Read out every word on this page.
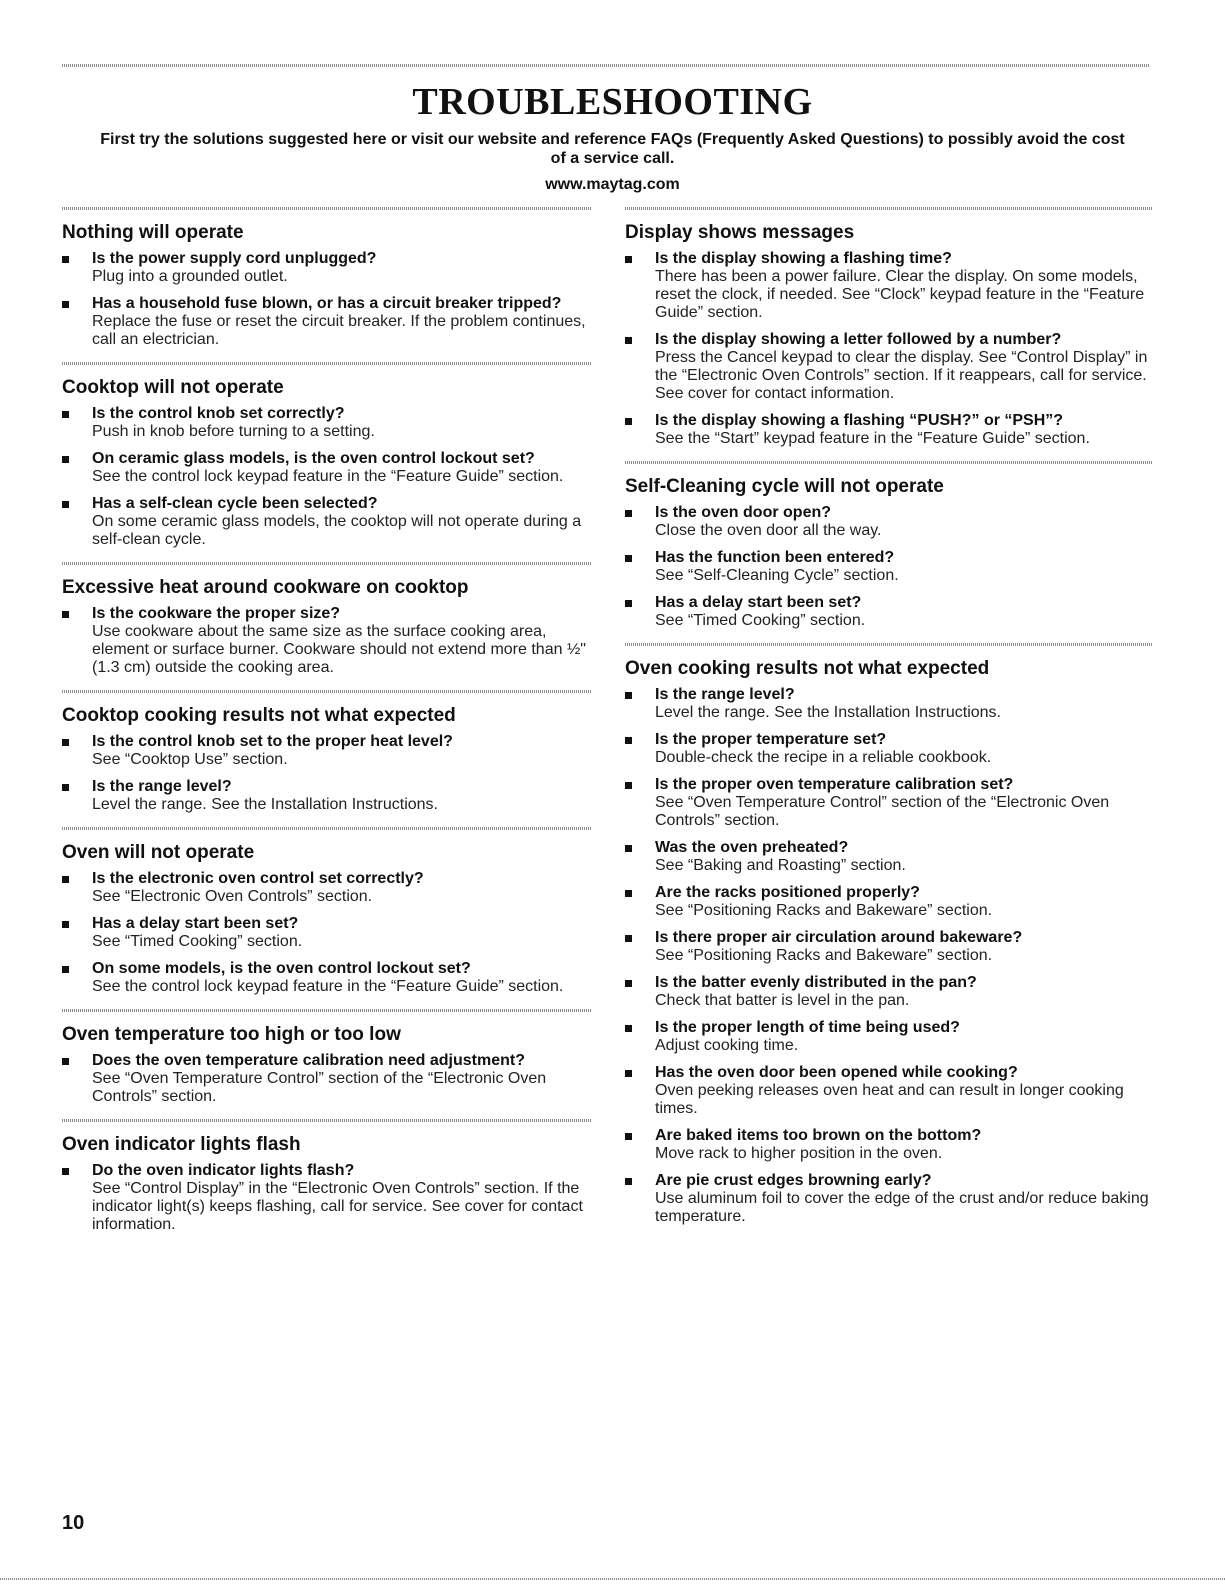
TROUBLESHOOTING
First try the solutions suggested here or visit our website and reference FAQs (Frequently Asked Questions) to possibly avoid the cost of a service call.
www.maytag.com
Nothing will operate
Is the power supply cord unplugged?
Plug into a grounded outlet.
Has a household fuse blown, or has a circuit breaker tripped?
Replace the fuse or reset the circuit breaker. If the problem continues, call an electrician.
Cooktop will not operate
Is the control knob set correctly?
Push in knob before turning to a setting.
On ceramic glass models, is the oven control lockout set?
See the control lock keypad feature in the “Feature Guide” section.
Has a self-clean cycle been selected?
On some ceramic glass models, the cooktop will not operate during a self-clean cycle.
Excessive heat around cookware on cooktop
Is the cookware the proper size?
Use cookware about the same size as the surface cooking area, element or surface burner. Cookware should not extend more than ½" (1.3 cm) outside the cooking area.
Cooktop cooking results not what expected
Is the control knob set to the proper heat level?
See “Cooktop Use” section.
Is the range level?
Level the range. See the Installation Instructions.
Oven will not operate
Is the electronic oven control set correctly?
See “Electronic Oven Controls” section.
Has a delay start been set?
See “Timed Cooking” section.
On some models, is the oven control lockout set?
See the control lock keypad feature in the “Feature Guide” section.
Oven temperature too high or too low
Does the oven temperature calibration need adjustment?
See “Oven Temperature Control” section of the “Electronic Oven Controls” section.
Oven indicator lights flash
Do the oven indicator lights flash?
See “Control Display” in the “Electronic Oven Controls” section. If the indicator light(s) keeps flashing, call for service. See cover for contact information.
Display shows messages
Is the display showing a flashing time?
There has been a power failure. Clear the display. On some models, reset the clock, if needed. See “Clock” keypad feature in the “Feature Guide” section.
Is the display showing a letter followed by a number?
Press the Cancel keypad to clear the display. See “Control Display” in the “Electronic Oven Controls” section. If it reappears, call for service. See cover for contact information.
Is the display showing a flashing “PUSH?” or “PSH”?
See the “Start” keypad feature in the “Feature Guide” section.
Self-Cleaning cycle will not operate
Is the oven door open?
Close the oven door all the way.
Has the function been entered?
See “Self-Cleaning Cycle” section.
Has a delay start been set?
See “Timed Cooking” section.
Oven cooking results not what expected
Is the range level?
Level the range. See the Installation Instructions.
Is the proper temperature set?
Double-check the recipe in a reliable cookbook.
Is the proper oven temperature calibration set?
See “Oven Temperature Control” section of the “Electronic Oven Controls” section.
Was the oven preheated?
See “Baking and Roasting” section.
Are the racks positioned properly?
See “Positioning Racks and Bakeware” section.
Is there proper air circulation around bakeware?
See “Positioning Racks and Bakeware” section.
Is the batter evenly distributed in the pan?
Check that batter is level in the pan.
Is the proper length of time being used?
Adjust cooking time.
Has the oven door been opened while cooking?
Oven peeking releases oven heat and can result in longer cooking times.
Are baked items too brown on the bottom?
Move rack to higher position in the oven.
Are pie crust edges browning early?
Use aluminum foil to cover the edge of the crust and/or reduce baking temperature.
10
